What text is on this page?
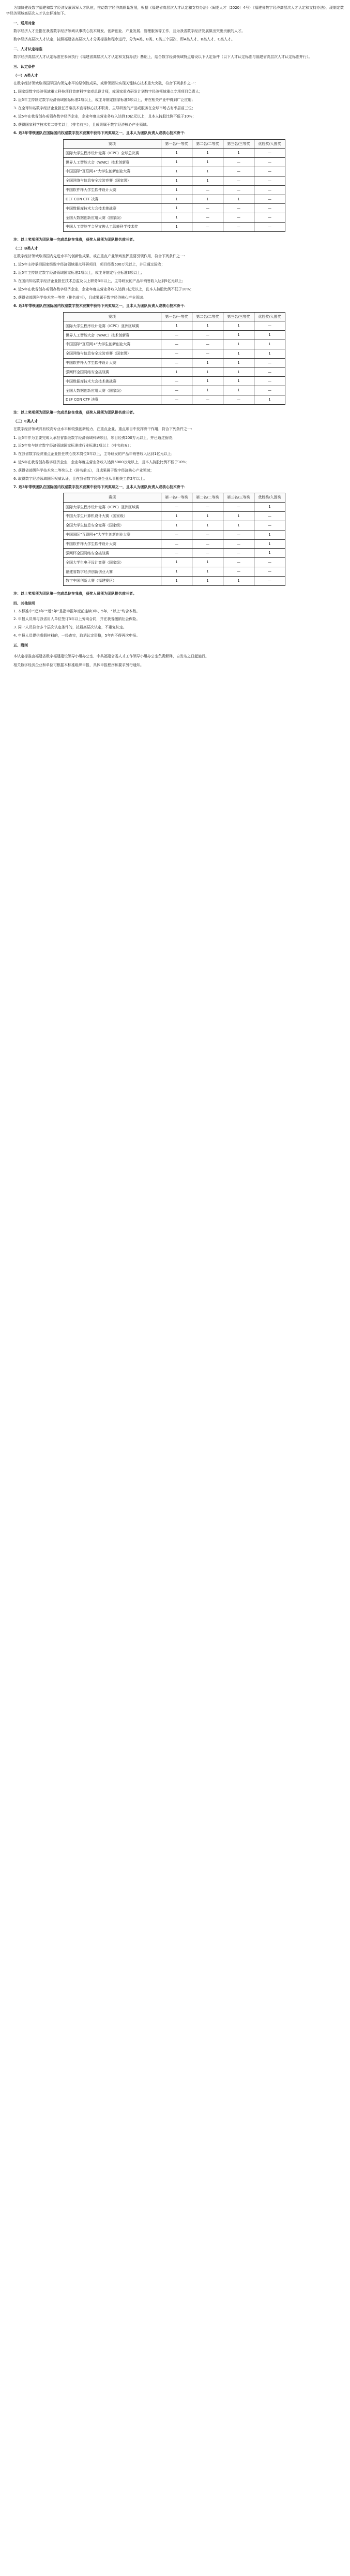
为加快建设数字福建和数字经济发展领军人才队伍，推动数字经济高质量发展，根据《福建省高层次人才认定和支持办法》（闽委人才〔2020〕4号）《福建省数字经济高层次人才认定和支持办法》，现制定数字经济领域高层次人才认定标准如下。

一、适用对象

数字经济人才是指在我省数字经济领域从事核心技术研发、创新创业、产业发展、管理服务等工作，且为我省数字经济发展做出突出贡献的人才。

数字经济高层次人才认定，按照福建省高层次人才分类标准和程序进行，分为A类、B类、C类三个层次，即A类人才、B类人才、C类人才。

二、人才认定标准

数字经济高层次人才认定标准在参照执行《福建省高层次人才认定和支持办法》基础上，结合数字经济领域特点增设以下认定条件（以下人才认定标准与福建省高层次人才认定标准并行）。

三、认定条件
（一）A类人才

在数字经济领域取得国际国内领先水平的原创性成果，或带领团队实现关键核心技术重大突破，符合下列条件之一：

1. 国家级数字经济领域重大科技项目首席科学家或总设计师，或国家重点研发计划数字经济领域重点专项项目负责人；

2. 近5年主持制定数字经济领域国际标准2项以上，或主导制定国家标准5项以上，并在相关产业中得到广泛应用；

3. 在全球知名数字经济企业担任首席技术官等核心技术职务，主导研发的产品或服务在全球市场占有率居前三位；

4. 近5年在我省创办或领办数字经济企业，企业年度主营业务收入达到10亿元以上，且本人持股比例不低于10%；

5. 获得国家科学技术奖二等奖以上（排名前三），且成果属于数字经济核心产业领域。

6. 近3年带领团队在国际国内权威数字技术竞赛中获得下列奖项之一，且本人为团队负责人或核心技术骨干：

赛项	第一名/一等奖	第二名/二等奖	第三名/三等奖	优胜奖/入围奖
国际大学生程序设计竞赛（ICPC）全球总决赛	1	1	1	—
世界人工智能大会（WAIC）技术创新赛	1	1	—	—
中国国际“互联网+”大学生创新创业大赛	1	1	—	—
全国网络与信息安全攻防竞赛（国家级）	1	1	—	—
中国软件杯大学生软件设计大赛	1	—	—	—
DEF CON CTF 决赛	1	1	1	—
中国数据库技术大会技术挑战赛	1	—	—	—
全国大数据创新应用大赛（国家级）	1	—	—	—
中国人工智能学会吴文俊人工智能科学技术奖	1	—	—	—

注：以上奖项须为团队第一完成单位在我省，获奖人员须为团队排名前三者。

（二）B类人才

在数字经济领域取得国内先进水平的创新性成果，或在重点产业领域发挥重要引领作用，符合下列条件之一：

1. 近5年主持承担国家级数字经济领域重点科研项目，项目经费500万元以上，并已通过验收；

2. 近5年主持制定数字经济领域国家标准2项以上，或主导制定行业标准3项以上；

3. 在国内知名数字经济企业担任技术总监及以上职务3年以上，主导研发的产品年销售收入达到5亿元以上；

4. 近5年在我省创办或领办数字经济企业，企业年度主营业务收入达到3亿元以上，且本人持股比例不低于10%；

5. 获得省部级科学技术奖一等奖（排名前三），且成果属于数字经济核心产业领域。

6. 近3年带领团队在国际国内权威数字技术竞赛中获得下列奖项之一，且本人为团队负责人或核心技术骨干：

赛项	第一名/一等奖	第二名/二等奖	第三名/三等奖	优胜奖/入围奖
国际大学生程序设计竞赛（ICPC）亚洲区域赛	1	1	1	—
世界人工智能大会（WAIC）技术创新赛	—	—	1	1
中国国际“互联网+”大学生创新创业大赛	—	—	1	1
全国网络与信息安全攻防竞赛（国家级）	—	—	1	1
中国软件杯大学生软件设计大赛	—	1	1	—
强网杯全国网络安全挑战赛	1	1	1	—
中国数据库技术大会技术挑战赛	—	1	1	—
全国大数据创新应用大赛（国家级）	—	1	1	—
DEF CON CTF 决赛	—	—	—	1

注：以上奖项须为团队第一完成单位在我省，获奖人员须为团队排名前三者。

（三）C类人才

在数字经济领域具有较高专业水平和较强创新能力，在重点企业、重点项目中发挥骨干作用，符合下列条件之一：

1. 近5年作为主要完成人承担省部级数字经济领域科研项目，项目经费200万元以上，并已通过验收；

2. 近5年参与制定数字经济领域国家标准或行业标准2项以上（排名前五）；

3. 在我省数字经济重点企业担任核心技术岗位3年以上，主导研发的产品年销售收入达到1亿元以上；

4. 近5年在我省创办数字经济企业，企业年度主营业务收入达到5000万元以上，且本人持股比例不低于10%；

5. 获得省部级科学技术奖二等奖以上（排名前五），且成果属于数字经济核心产业领域；

6. 取得数字经济领域国际权威认证，且在我省数字经济企业从事相关工作2年以上。

7. 近3年带领团队在国际国内权威数字技术竞赛中获得下列奖项之一，且本人为团队负责人或核心技术骨干：

赛项	第一名/一等奖	第二名/二等奖	第三名/三等奖	优胜奖/入围奖
国际大学生程序设计竞赛（ICPC）亚洲区域赛	—	—	—	1
中国大学生计算机设计大赛（国家级）	1	1	1	—
全国大学生信息安全竞赛（国家级）	1	1	1	—
中国国际“互联网+”大学生创新创业大赛	—	—	—	1
中国软件杯大学生软件设计大赛	—	—	—	1
强网杯全国网络安全挑战赛	—	—	—	1
全国大学生电子设计竞赛（国家级）	1	1	—	—
福建省数字经济创新创业大赛	1	1	—	—
数字中国创新大赛（福建赛区）	1	1	1	—

注：以上奖项须为团队第一完成单位在我省，获奖人员须为团队排名前三者。

四、其他说明

1. 本标准中“近3年”“近5年”是指申报年度前连续3年、5年，“以上”均含本数。

2. 申报人员须与我省用人单位签订3年以上劳动合同，并在我省缴纳社会保险。

3. 同一人员符合多个层次认定条件的，按最高层次认定，不重复认定。

4. 申报人员提供虚假材料的，一经查实，取消认定资格，5年内不得再次申报。

五、附则

本认定标准由福建省数字福建建设领导小组办公室、中共福建省委人才工作领导小组办公室负责解释，自发布之日起施行。

相关数字经济企业和单位可根据本标准组织申报，具体申报程序和要求另行通知。
